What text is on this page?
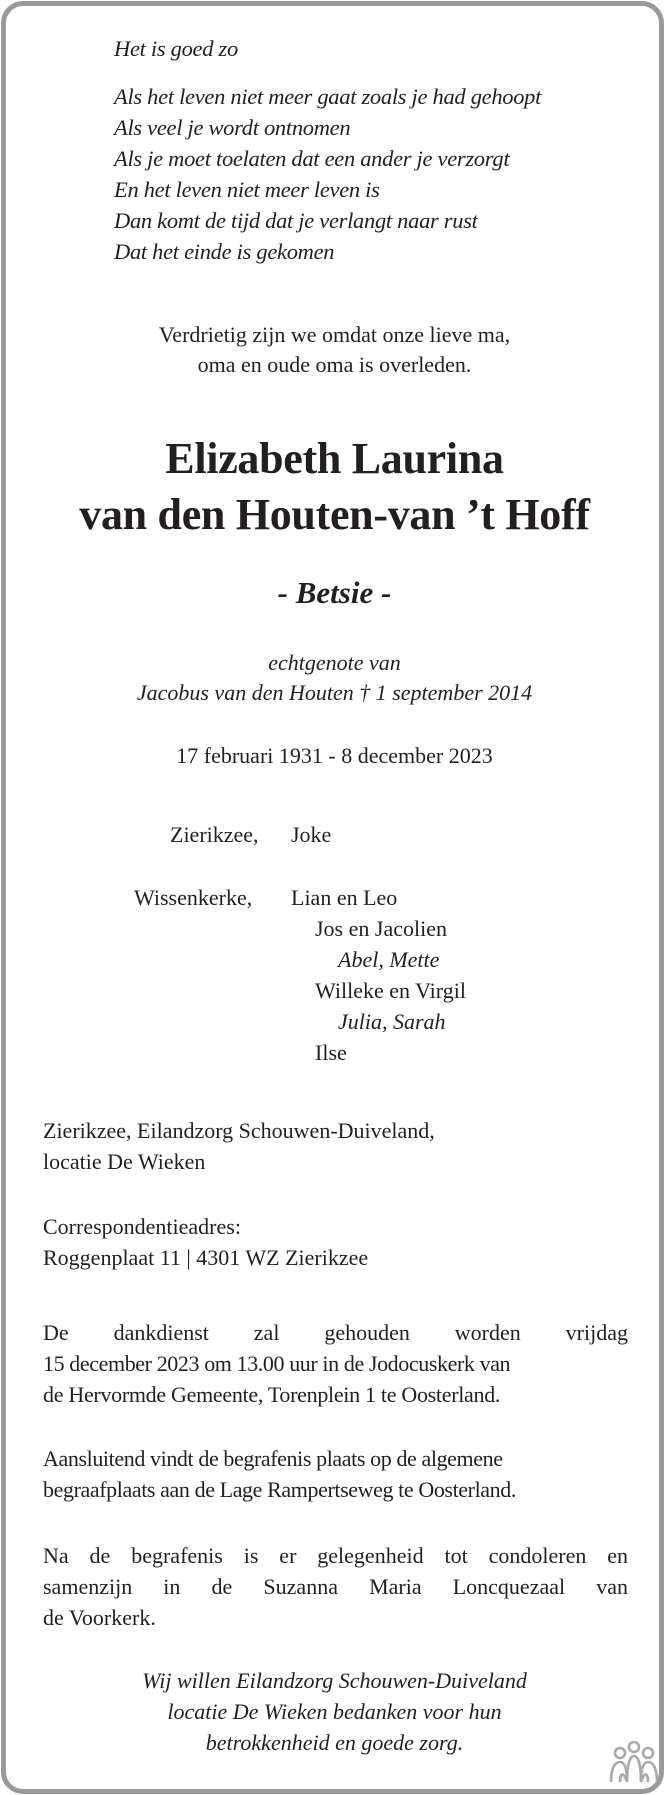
Het is goed zo
Als het leven niet meer gaat zoals je had gehoopt
Als veel je wordt ontnomen
Als je moet toelaten dat een ander je verzorgt
En het leven niet meer leven is
Dan komt de tijd dat je verlangt naar rust
Dat het einde is gekomen
Verdrietig zijn we omdat onze lieve ma,
oma en oude oma is overleden.
Elizabeth Laurina
van den Houten-van ’t Hoff
- Betsie -
echtgenote van
Jacobus van den Houten † 1 september 2014
17 februari 1931 - 8 december 2023
Zierikzee, Joke
Wissenkerke, Lian en Leo
Jos en Jacolien
Abel, Mette
Willeke en Virgil
Julia, Sarah
Ilse
Zierikzee, Eilandzorg Schouwen-Duiveland,
locatie De Wieken
Correspondentieadres:
Roggenplaat 11 | 4301 WZ Zierikzee
De dankdienst zal gehouden worden vrijdag
15 december 2023 om 13.00 uur in de Jodocuskerk van
de Hervormde Gemeente, Torenplein 1 te Oosterland.
Aansluitend vindt de begrafenis plaats op de algemene
begraafplaats aan de Lage Rampertseweg te Oosterland.
Na de begrafenis is er gelegenheid tot condoleren en
samenzijn in de Suzanna Maria Loncquezaal van
de Voorkerk.
Wij willen Eilandzorg Schouwen-Duiveland
locatie De Wieken bedanken voor hun
betrokkenheid en goede zorg.
